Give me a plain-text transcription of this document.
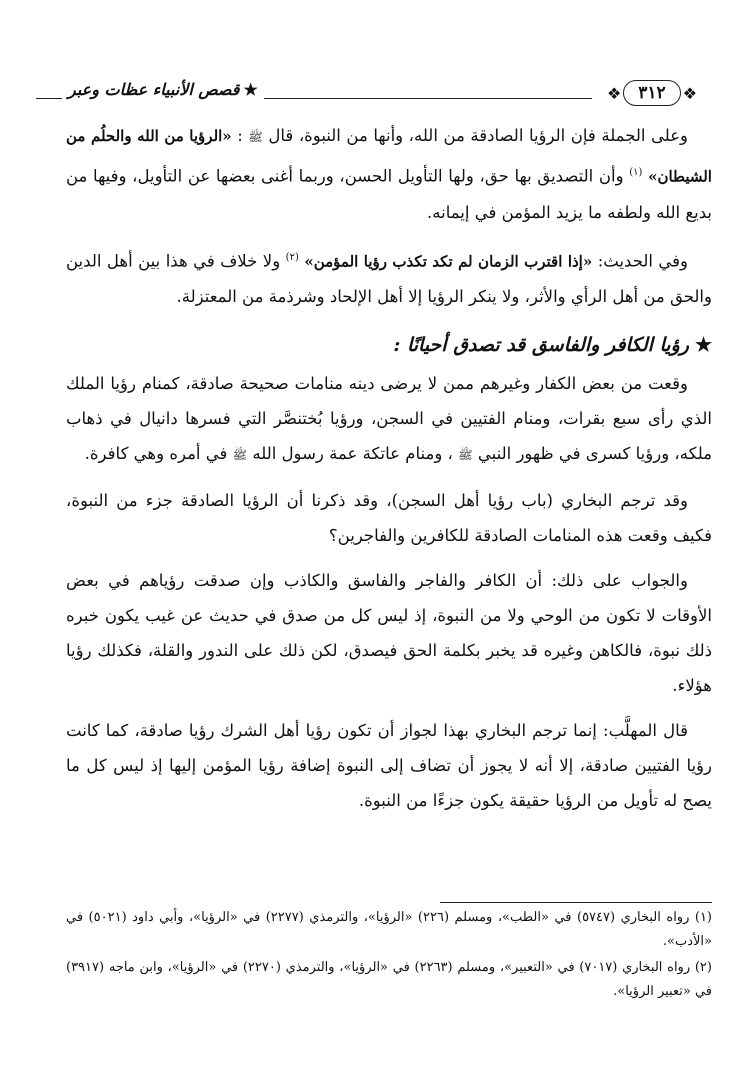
★قصص الأنبياء عظات وعبر	❖	٣١٢	❖

وعلى الجملة فإن الرؤيا الصادقة من الله، وأنها من النبوة، قال ﷺ : «الرؤيا من الله والحلُم من الشيطان» $^{(١)}$ وأن التصديق بها حق، ولها التأويل الحسن، وربما أغنى بعضها عن التأويل، وفيها من بديع الله ولطفه ما يزيد المؤمن في إيمانه.

وفي الحديث: «إذا اقترب الزمان لم تكد تكذب رؤيا المؤمن» $^{(٢)}$ ولا خلاف في هذا بين أهل الدين والحق من أهل الرأي والأثر، ولا ينكر الرؤيا إلا أهل الإلحاد وشرذمة من المعتزلة.

★رؤيا الكافر والفاسق قد تصدق أحيانًا :

وقعت من بعض الكفار وغيرهم ممن لا يرضى دينه منامات صحيحة صادقة، كمنام رؤيا الملك الذي رأى سبع بقرات، ومنام الفتيين في السجن، ورؤيا بُختنصَّر التي فسرها دانيال في ذهاب ملكه، ورؤيا كسرى في ظهور النبي ﷺ ، ومنام عاتكة عمة رسول الله ﷺ في أمره وهي كافرة.

وقد ترجم البخاري (باب رؤيا أهل السجن)، وقد ذكرنا أن الرؤيا الصادقة جزء من النبوة، فكيف وقعت هذه المنامات الصادقة للكافرين والفاجرين؟

والجواب على ذلك: أن الكافر والفاجر والفاسق والكاذب وإن صدقت رؤياهم في بعض الأوقات لا تكون من الوحي ولا من النبوة، إذ ليس كل من صدق في حديث عن غيب يكون خبره ذلك نبوة، فالكاهن وغيره قد يخبر بكلمة الحق فيصدق، لكن ذلك على الندور والقلة، فكذلك رؤيا هؤلاء.

قال المهلَّب: إنما ترجم البخاري بهذا لجواز أن تكون رؤيا أهل الشرك رؤيا صادقة، كما كانت رؤيا الفتيين صادقة، إلا أنه لا يجوز أن تضاف إلى النبوة إضافة رؤيا المؤمن إليها إذ ليس كل ما يصح له تأويل من الرؤيا حقيقة يكون جزءًا من النبوة.

(١) رواه البخاري (٥٧٤٧) في «الطب»، ومسلم (٢٢٦) «الرؤيا»، والترمذي (٢٢٧٧) في «الرؤيا»، وأبي داود (٥٠٢١) في «الأدب».
(٢) رواه البخاري (٧٠١٧) في «التعبير»، ومسلم (٢٢٦٣) في «الرؤيا»، والترمذي (٢٢٧٠) في «الرؤيا»، وابن ماجه (٣٩١٧) في «تعبير الرؤيا».
